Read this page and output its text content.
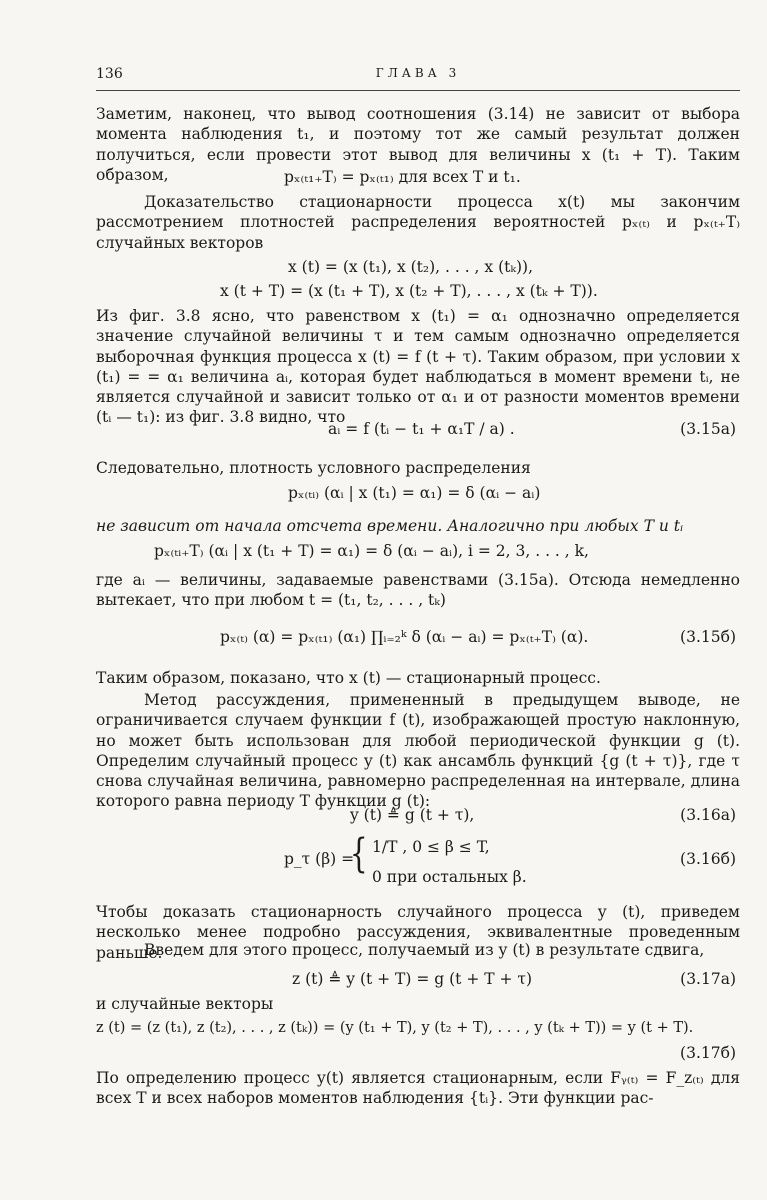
136	ГЛАВА 3
Заметим, наконец, что вывод соотношения (3.14) не зависит от выбора момента наблюдения t₁, и поэтому тот же самый результат должен получиться, если провести этот вывод для величины x (t₁ + T). Таким образом,	pₓ₍ₜ₁₊T₎ = pₓ₍ₜ₁₎ для всех T и t₁.
Доказательство стационарности процесса x(t) мы закончим рассмотрением плотностей распределения вероятностей pₓ₍ₜ₎ и pₓ₍ₜ₊T₎ случайных векторов
x (t) = (x (t₁), x (t₂), . . . , x (tₖ)),
x (t + T) = (x (t₁ + T), x (t₂ + T), . . . , x (tₖ + T)).
Из фиг. 3.8 ясно, что равенством x (t₁) = α₁ однозначно определяется значение случайной величины τ и тем самым однозначно определяется выборочная функция процесса x (t) = f (t + τ). Таким образом, при условии x (t₁) = = α₁ величина aᵢ, которая будет наблюдаться в момент времени tᵢ, не является случайной и зависит только от α₁ и от разности моментов времени (tᵢ — t₁): из фиг. 3.8 видно, что
aᵢ = f (tᵢ − t₁ + α₁T / a) .	(3.15a)
Следовательно, плотность условного распределения
pₓ₍ₜᵢ₎ (αᵢ | x (t₁) = α₁) = δ (αᵢ − aᵢ)
не зависит от начала отсчета времени. Аналогично при любых T и tᵢ
pₓ₍ₜᵢ₊T₎ (αᵢ | x (t₁ + T) = α₁) = δ (αᵢ − aᵢ), i = 2, 3, . . . , k,
где aᵢ — величины, задаваемые равенствами (3.15а). Отсюда немедленно вытекает, что при любом t = (t₁, t₂, . . . , tₖ)
pₓ₍ₜ₎ (α) = pₓ₍ₜ₁₎ (α₁) ∏ᵢ₌₂ᵏ δ (αᵢ − aᵢ) = pₓ₍ₜ₊T₎ (α).	(3.15б)
Таким образом, показано, что x (t) — стационарный процесс.
Метод рассуждения, примененный в предыдущем выводе, не ограничивается случаем функции f (t), изображающей простую наклонную, но может быть использован для любой периодической функции g (t). Определим случайный процесс y (t) как ансамбль функций {g (t + τ)}, где τ снова случайная величина, равномерно распределенная на интервале, длина которого равна периоду T функции g (t):
y (t) ≜ g (t + τ),	(3.16a)
p_τ (β) =
{ 1/T , 0 ≤ β ≤ T,
0 при остальных β.
(3.16б)
Чтобы доказать стационарность случайного процесса y (t), приведем несколько менее подробно рассуждения, эквивалентные проведенным раньше.
Введем для этого процесс, получаемый из y (t) в результате сдвига,
z (t) ≜ y (t + T) = g (t + T + τ)	(3.17a)
и случайные векторы
z (t) = (z (t₁), z (t₂), . . . , z (tₖ)) = (y (t₁ + T), y (t₂ + T), . . . , y (tₖ + T)) = y (t + T).
(3.17б)
По определению процесс y(t) является стационарным, если Fᵧ₍ₜ₎ = F_z₍ₜ₎ для всех T и всех наборов моментов наблюдения {tᵢ}. Эти функции рас-
